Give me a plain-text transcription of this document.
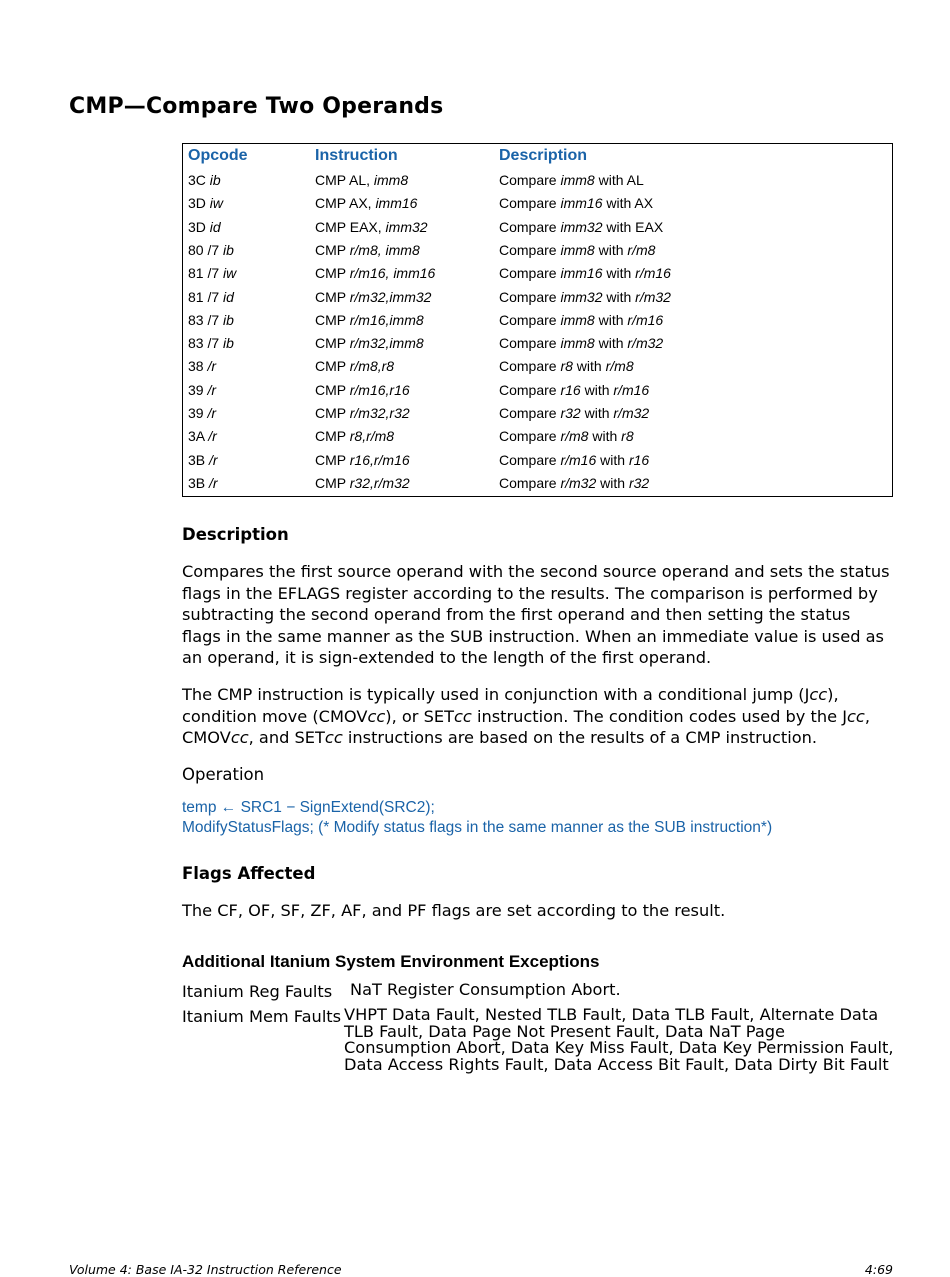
CMP—Compare Two Operands
Opcode	Instruction	Description
3C ib	CMP AL, imm8	Compare imm8 with AL
3D iw	CMP AX, imm16	Compare imm16 with AX
3D id	CMP EAX, imm32	Compare imm32 with EAX
80 /7 ib	CMP r/m8, imm8	Compare imm8 with r/m8
81 /7 iw	CMP r/m16, imm16	Compare imm16 with r/m16
81 /7 id	CMP r/m32,imm32	Compare imm32 with r/m32
83 /7 ib	CMP r/m16,imm8	Compare imm8 with r/m16
83 /7 ib	CMP r/m32,imm8	Compare imm8 with r/m32
38 /r	CMP r/m8,r8	Compare r8 with r/m8
39 /r	CMP r/m16,r16	Compare r16 with r/m16
39 /r	CMP r/m32,r32	Compare r32 with r/m32
3A /r	CMP r8,r/m8	Compare r/m8 with r8
3B /r	CMP r16,r/m16	Compare r/m16 with r16
3B /r	CMP r32,r/m32	Compare r/m32 with r32
Description

Compares the first source operand with the second source operand and sets the status flags in the EFLAGS register according to the results. The comparison is performed by subtracting the second operand from the first operand and then setting the status flags in the same manner as the SUB instruction. When an immediate value is used as an operand, it is sign-extended to the length of the first operand.

The CMP instruction is typically used in conjunction with a conditional jump (Jcc), condition move (CMOVcc), or SETcc instruction. The condition codes used by the Jcc, CMOVcc, and SETcc instructions are based on the results of a CMP instruction.

Operation
temp ← SRC1 − SignExtend(SRC2);
ModifyStatusFlags; (* Modify status flags in the same manner as the SUB instruction*)
Flags Affected

The CF, OF, SF, ZF, AF, and PF flags are set according to the result.

Additional Itanium System Environment Exceptions
Itanium Reg Faults NaT Register Consumption Abort.
Itanium Mem Faults VHPT Data Fault, Nested TLB Fault, Data TLB Fault, Alternate Data TLB Fault, Data Page Not Present Fault, Data NaT Page Consumption Abort, Data Key Miss Fault, Data Key Permission Fault, Data Access Rights Fault, Data Access Bit Fault, Data Dirty Bit Fault
Volume 4: Base IA-32 Instruction Reference	4:69
